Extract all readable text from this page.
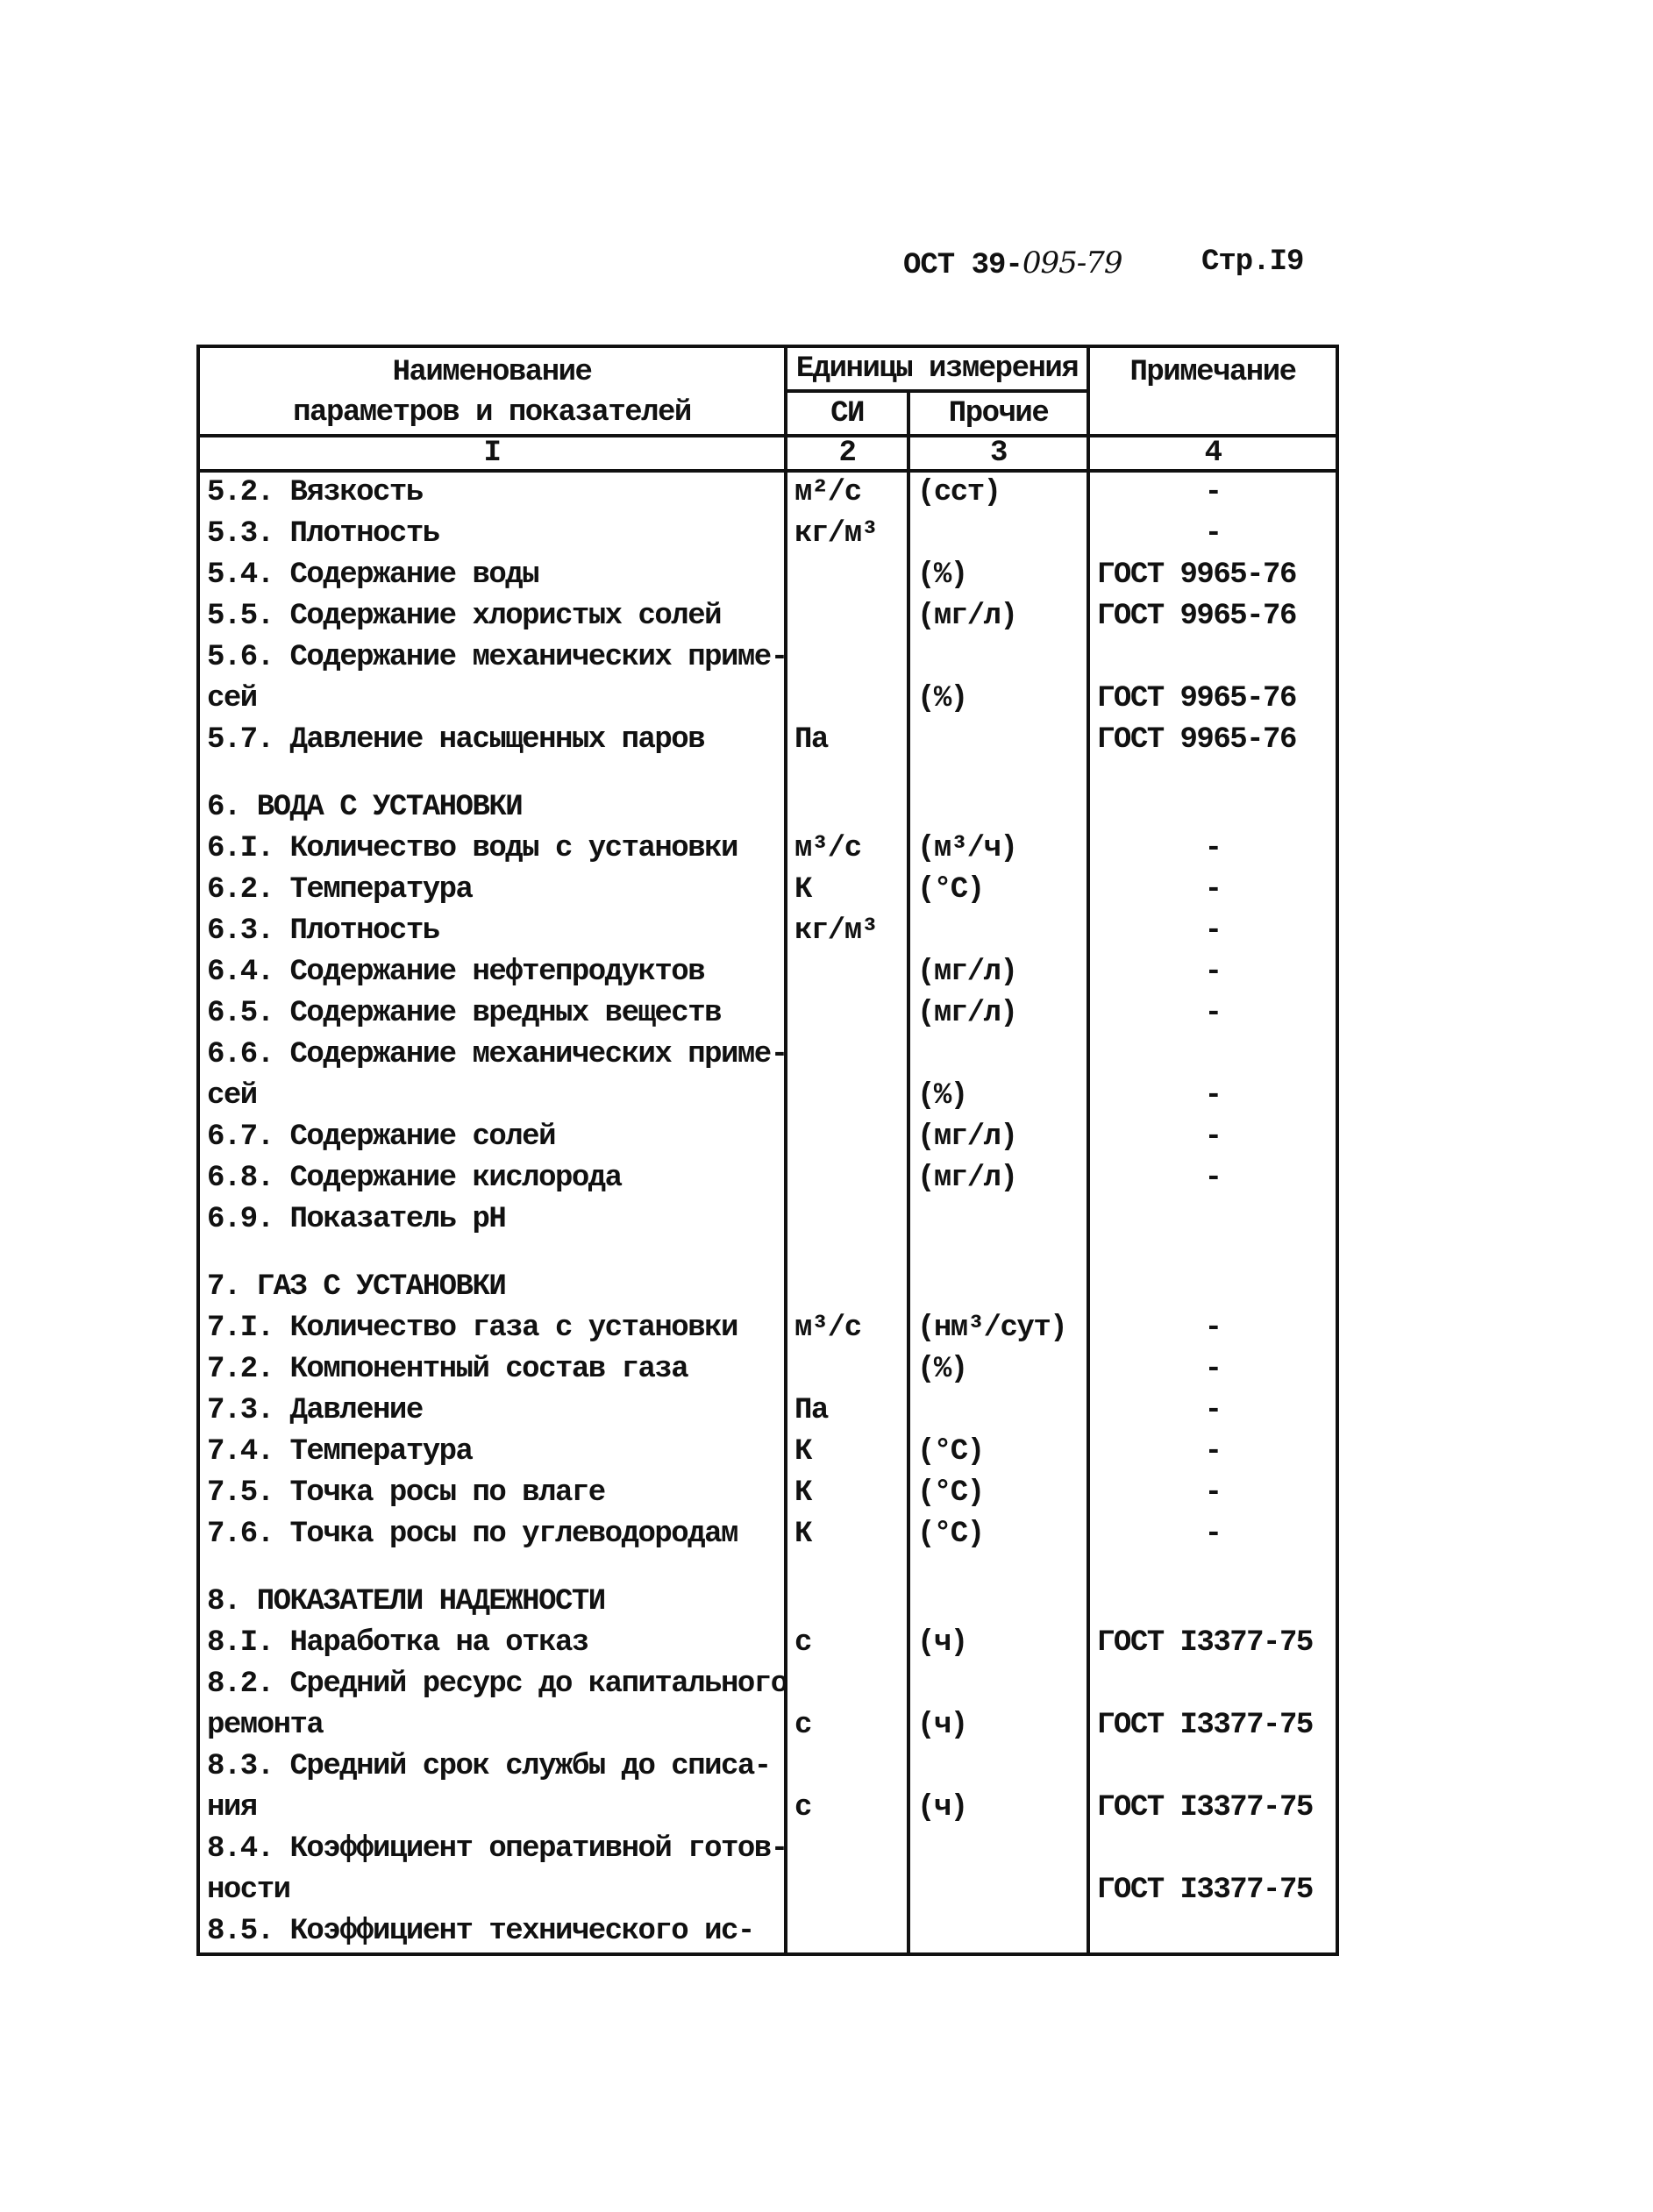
ОСТ 39-095-79	Стр.I9
Наименование
параметров и показателей	Единицы измерения		Примечание
	СИ	Прочие	
I	2	3	4
5.2. Вязкость	м²/с	(сст)	-
5.3. Плотность	кг/м³		-
5.4. Содержание воды		(%)	ГОСТ 9965-76
5.5. Содержание хлористых солей		(мг/л)	ГОСТ 9965-76
5.6. Содержание механических приме-			
сей		(%)	ГОСТ 9965-76
5.7. Давление насыщенных паров	Па		ГОСТ 9965-76
6. ВОДА С УСТАНОВКИ			
6.I. Количество воды с установки	м³/с	(м³/ч)	-
6.2. Температура	К	(°С)	-
6.3. Плотность	кг/м³		-
6.4. Содержание нефтепродуктов		(мг/л)	-
6.5. Содержание вредных веществ		(мг/л)	-
6.6. Содержание механических приме-			
сей		(%)	-
6.7. Содержание солей		(мг/л)	-
6.8. Содержание кислорода		(мг/л)	-
6.9. Показатель рН			
7. ГАЗ С УСТАНОВКИ			
7.I. Количество газа с установки	м³/с	(нм³/сут)	-
7.2. Компонентный состав газа		(%)	-
7.3. Давление	Па		-
7.4. Температура	К	(°С)	-
7.5. Точка росы по влаге	К	(°С)	-
7.6. Точка росы по углеводородам	К	(°С)	-
8. ПОКАЗАТЕЛИ НАДЕЖНОСТИ			
8.I. Наработка на отказ	с	(ч)	ГОСТ I3377-75
8.2. Средний ресурс до капитального			
ремонта	с	(ч)	ГОСТ I3377-75
8.3. Средний срок службы до списа-			
ния	с	(ч)	ГОСТ I3377-75
8.4. Коэффициент оперативной готов-			
ности			ГОСТ I3377-75
8.5. Коэффициент технического ис-			
